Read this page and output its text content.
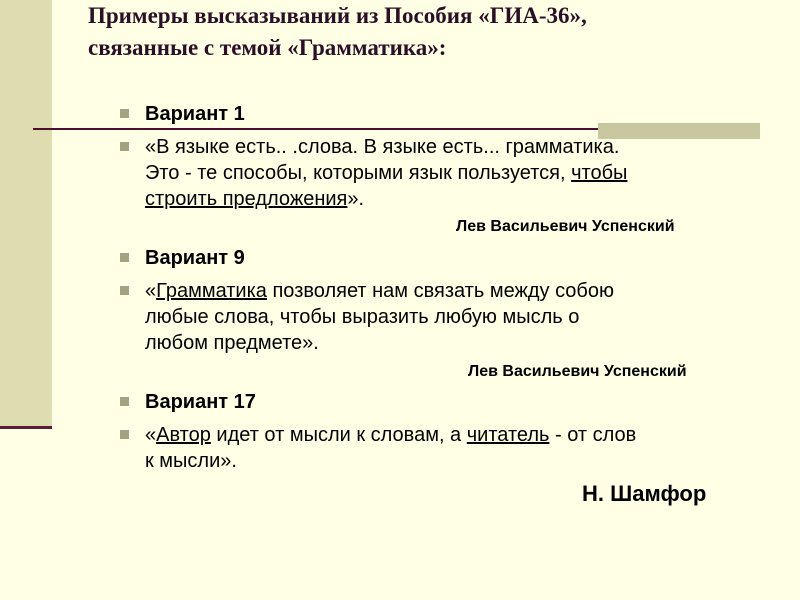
Примеры высказываний из Пособия «ГИА-36»,
связанные с темой «Грамматика»:
Вариант 1
«В языке есть.. .слова. В языке есть... грамматика.
Это - те способы, которыми язык пользуется, чтобы
строить предложения».
Лев Васильевич Успенский
Вариант 9
«Грамматика позволяет нам связать между собою
любые слова, чтобы выразить любую мысль о
любом предмете».
Лев Васильевич Успенский
Вариант 17
«Автор идет от мысли к словам, а читатель - от слов
к мысли».
Н. Шамфор
